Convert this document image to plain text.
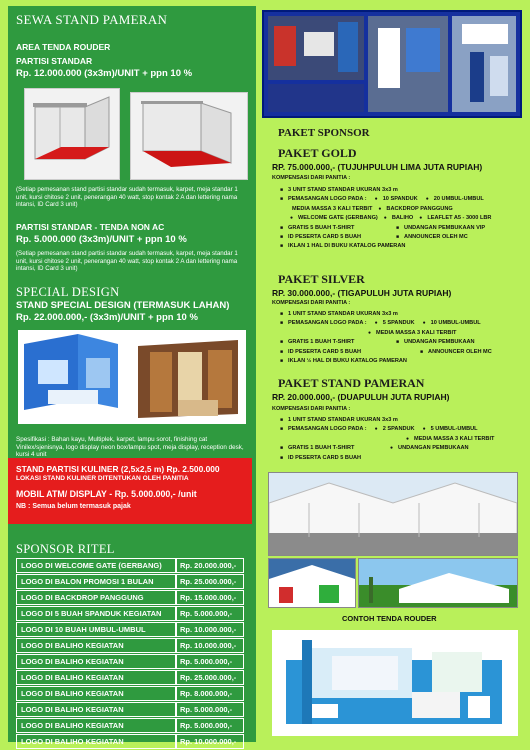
SEWA STAND PAMERAN
AREA TENDA ROUDER
PARTISI STANDAR
Rp. 12.000.000 (3x3m)/UNIT + ppn 10 %
(Setiap pemesanan stand partisi standar sudah termasuk, karpet, meja standar 1 unit, kursi chitose 2 unit, penerangan 40 watt, stop kontak 2 A dan lettering nama intansi, ID Card 3 unit)
PARTISI STANDAR - TENDA NON AC
Rp. 5.000.000 (3x3m)/UNIT + ppn 10 %
(Setiap pemesanan stand partisi standar sudah termasuk, karpet, meja standar 1 unit, kursi chitose 2 unit, penerangan 40 watt, stop kontak 2 A dan lettering nama intansi, ID Card 3 unit)
SPECIAL DESIGN
STAND SPECIAL DESIGN (TERMASUK LAHAN)
Rp. 22.000.000,- (3x3m)/UNIT + ppn 10 %
Spesifikasi : Bahan kayu, Multiplek, karpet, lampu sorot, finishing cat Vinilex/sjenisnya, logo display neon box/lampu spot, meja display, reception desk, kursi 4 unit
SPONSOR RITEL
LOGO DI WELCOME GATE (GERBANG)	Rp. 20.000.000,-
LOGO DI BALON PROMOSI 1 BULAN	Rp. 25.000.000,-
LOGO DI BACKDROP PANGGUNG	Rp. 15.000.000,-
LOGO DI 5 BUAH SPANDUK KEGIATAN	Rp. 5.000.000,-
LOGO DI 10 BUAH UMBUL-UMBUL	Rp. 10.000.000,-
LOGO DI BALIHO KEGIATAN	Rp. 10.000.000,-
LOGO DI BALIHO KEGIATAN	Rp. 5.000.000,-
LOGO DI BALIHO KEGIATAN	Rp. 25.000.000,-
LOGO DI BALIHO KEGIATAN	Rp. 8.000.000,-
LOGO DI BALIHO KEGIATAN	Rp. 5.000.000,-
LOGO DI BALIHO KEGIATAN	Rp. 5.000.000,-
LOGO DI BALIHO KEGIATAN	Rp. 10.000.000,-
STAND PARTISI KULINER (2,5x2,5 m) Rp. 2.500.000
LOKASI STAND KULINER DITENTUKAN OLEH PANITIA
MOBIL ATM/ DISPLAY - Rp. 5.000.000,- /unit
NB : Semua belum termasuk pajak
PAKET SPONSOR
PAKET GOLD
RP. 75.000.000,- (TUJUHPULUH LIMA JUTA RUPIAH)
KOMPENSASI DARI PANITIA :
■ 3 UNIT STAND STANDAR UKURAN 3x3 m
■ PEMASANGAN LOGO PADA :	● 10 SPANDUK	● 20 UMBUL-UMBUL
MEDIA MASSA 3 KALI TERBIT	● BACKDROP PANGGUNG
● WELCOME GATE (GERBANG)	● BALIHO	● LEAFLET A5 - 3000 LBR
■ GRATIS 5 BUAH T-SHIRT	■ UNDANGAN PEMBUKAAN VIP
■ ID PESERTA CARD 5 BUAH	■ ANNOUNCER OLEH MC
■ IKLAN 1 HAL DI BUKU KATALOG PAMERAN
PAKET SILVER
RP. 30.000.000,- (TIGAPULUH JUTA RUPIAH)
KOMPENSASI DARI PANITIA :
■ 1 UNIT STAND STANDAR UKURAN 3x3 m
■ PEMASANGAN LOGO PADA :	● 5 SPANDUK	● 10 UMBUL-UMBUL
● MEDIA MASSA 3 KALI TERBIT
■ GRATIS 1 BUAH T-SHIRT	■ UNDANGAN PEMBUKAAN
■ ID PESERTA CARD 5 BUAH	■ ANNOUNCER OLEH MC
■ IKLAN ½ HAL DI BUKU KATALOG PAMERAN
PAKET STAND PAMERAN
RP. 20.000.000,- (DUAPULUH JUTA RUPIAH)
KOMPENSASI DARI PANITIA :
■ 1 UNIT STAND STANDAR UKURAN 3x3 m
■ PEMASANGAN LOGO PADA :	● 2 SPANDUK	● 5 UMBUL-UMBUL
● MEDIA MASSA 3 KALI TERBIT
■ GRATIS 1 BUAH T-SHIRT	● UNDANGAN PEMBUKAAN
■ ID PESERTA CARD 5 BUAH
CONTOH TENDA ROUDER
